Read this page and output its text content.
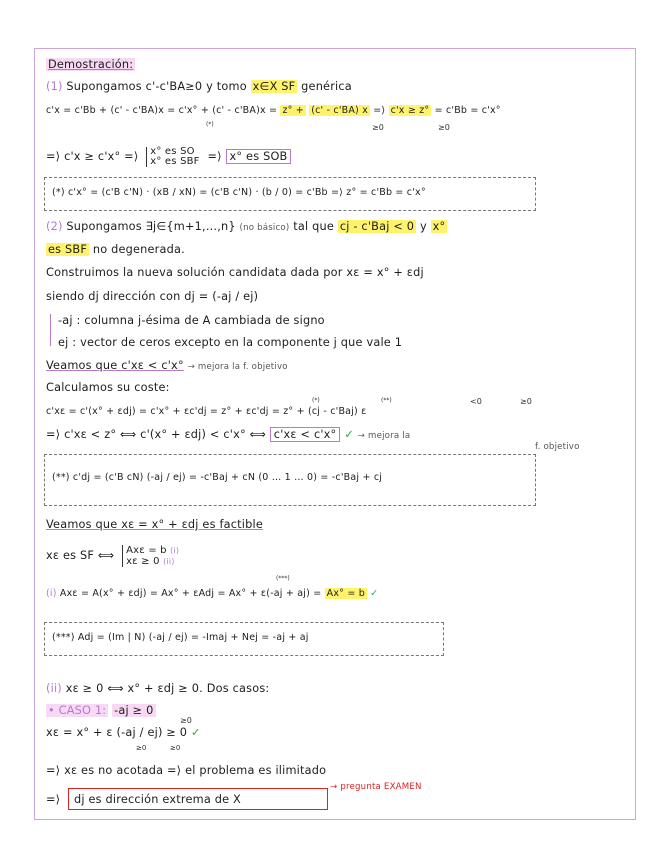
Demostración:
(1) Supongamos c'-c'BA≥0 y tomo x∈X SF genérica
c'x = c'Bb + (c' - c'BA)x = c'x° + (c' - c'BA)x = z° + (c' - c'BA) x =⟩ c'x ≥ z° = c'Bb = c'x°
(*)	≥0	≥0
=⟩ c'x ≥ c'x° =⟩ x° es SO
x° es SBF =⟩ x° es SOB
(*) c'x° = (c'B c'N) · (xB / xN) = (c'B c'N) · (b / 0) = c'Bb =⟩ z° = c'Bb = c'x°
(2) Supongamos ∃j∈{m+1,...,n} (no básico) tal que cj - c'Baj < 0 y x°
es SBF no degenerada.
Construimos la nueva solución candidata dada por xε = x° + εdj
siendo dj dirección con dj = (-aj / ej)
-aj : columna j-ésima de A cambiada de signo
ej : vector de ceros excepto en la componente j que vale 1
Veamos que c'xε < c'x° → mejora la f. objetivo
Calculamos su coste:
c'xε = c'(x° + εdj) = c'x° + εc'dj = z° + εc'dj = z° + (cj - c'Baj) ε
(*)	(**)	<0	≥0
=⟩ c'xε < z° ⟺ c'(x° + εdj) < c'x° ⟺ c'xε < c'x° ✓ → mejora la
f. objetivo
(**) c'dj = (c'B cN) (-aj / ej) = -c'Baj + cN (0 … 1 … 0) = -c'Baj + cj
Veamos que xε = x° + εdj es factible
xε es SF ⟺ Axε = b (i)
xε ≥ 0 (ii)
(***)
(i) Axε = A(x° + εdj) = Ax° + εAdj = Ax° + ε(-aj + aj) = Ax° = b ✓
(***) Adj = (Im | N) (-aj / ej) = -Imaj + Nej = -aj + aj
(ii) xε ≥ 0 ⟺ x° + εdj ≥ 0. Dos casos:
• CASO 1: -aj ≥ 0
≥0
xε = x° + ε (-aj / ej) ≥ 0 ✓
≥0	≥0
=⟩ xε es no acotada =⟩ el problema es ilimitado
=⟩ dj es dirección extrema de X
→ pregunta EXAMEN
